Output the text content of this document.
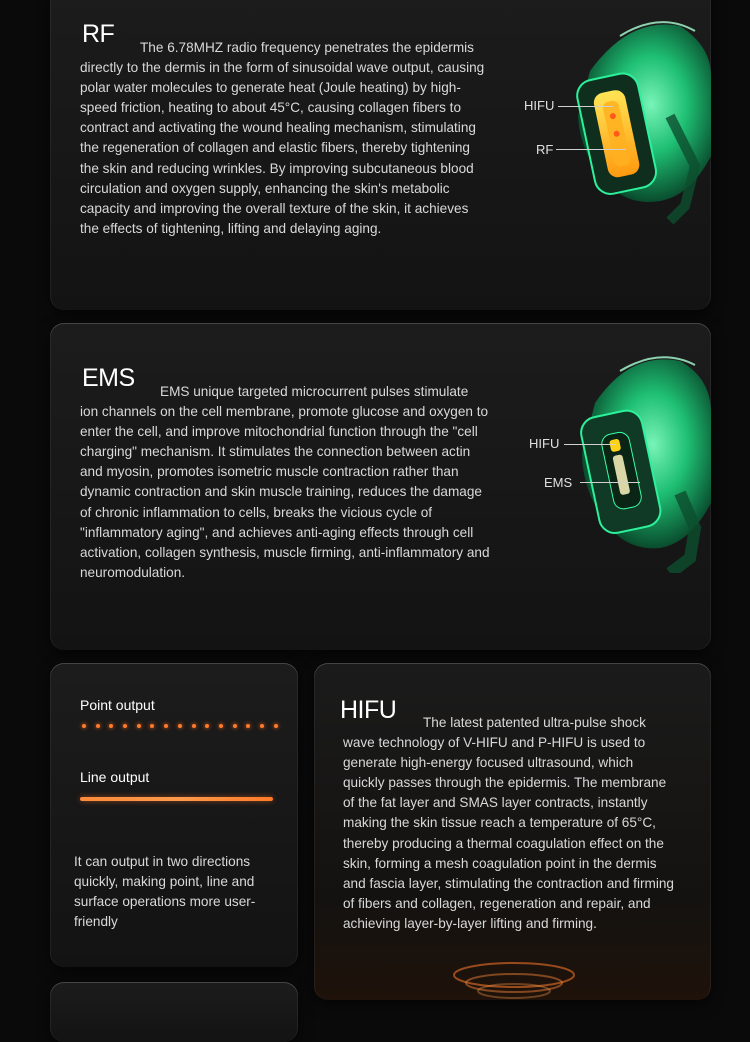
RF	The 6.78MHZ radio frequency penetrates the epidermis directly to the dermis in the form of sinusoidal wave output, causing polar water molecules to generate heat (Joule heating) by high-speed friction, heating to about 45°C, causing collagen fibers to contract and activating the wound healing mechanism, stimulating the regeneration of collagen and elastic fibers, thereby tightening the skin and reducing wrinkles. By improving subcutaneous blood circulation and oxygen supply, enhancing the skin's metabolic capacity and improving the overall texture of the skin, it achieves the effects of tightening, lifting and delaying aging.

HIFU
RF
EMS	EMS unique targeted microcurrent pulses stimulate ion channels on the cell membrane, promote glucose and oxygen to enter the cell, and improve mitochondrial function through the "cell charging" mechanism. It stimulates the connection between actin and myosin, promotes isometric muscle contraction rather than dynamic contraction and skin muscle training, reduces the damage of chronic inflammation to cells, breaks the vicious cycle of "inflammatory aging", and achieves anti-aging effects through cell activation, collagen synthesis, muscle firming, anti-inflammatory and neuromodulation.

HIFU
EMS
Point output
Line output

It can output in two directions quickly, making point, line and surface operations more user-friendly

HIFU	The latest patented ultra-pulse shock wave technology of V-HIFU and P-HIFU is used to generate high-energy focused ultrasound, which quickly passes through the epidermis. The membrane of the fat layer and SMAS layer contracts, instantly making the skin tissue reach a temperature of 65°C, thereby producing a thermal coagulation effect on the skin, forming a mesh coagulation point in the dermis and fascia layer, stimulating the contraction and firming of fibers and collagen, regeneration and repair, and achieving layer-by-layer lifting and firming.
